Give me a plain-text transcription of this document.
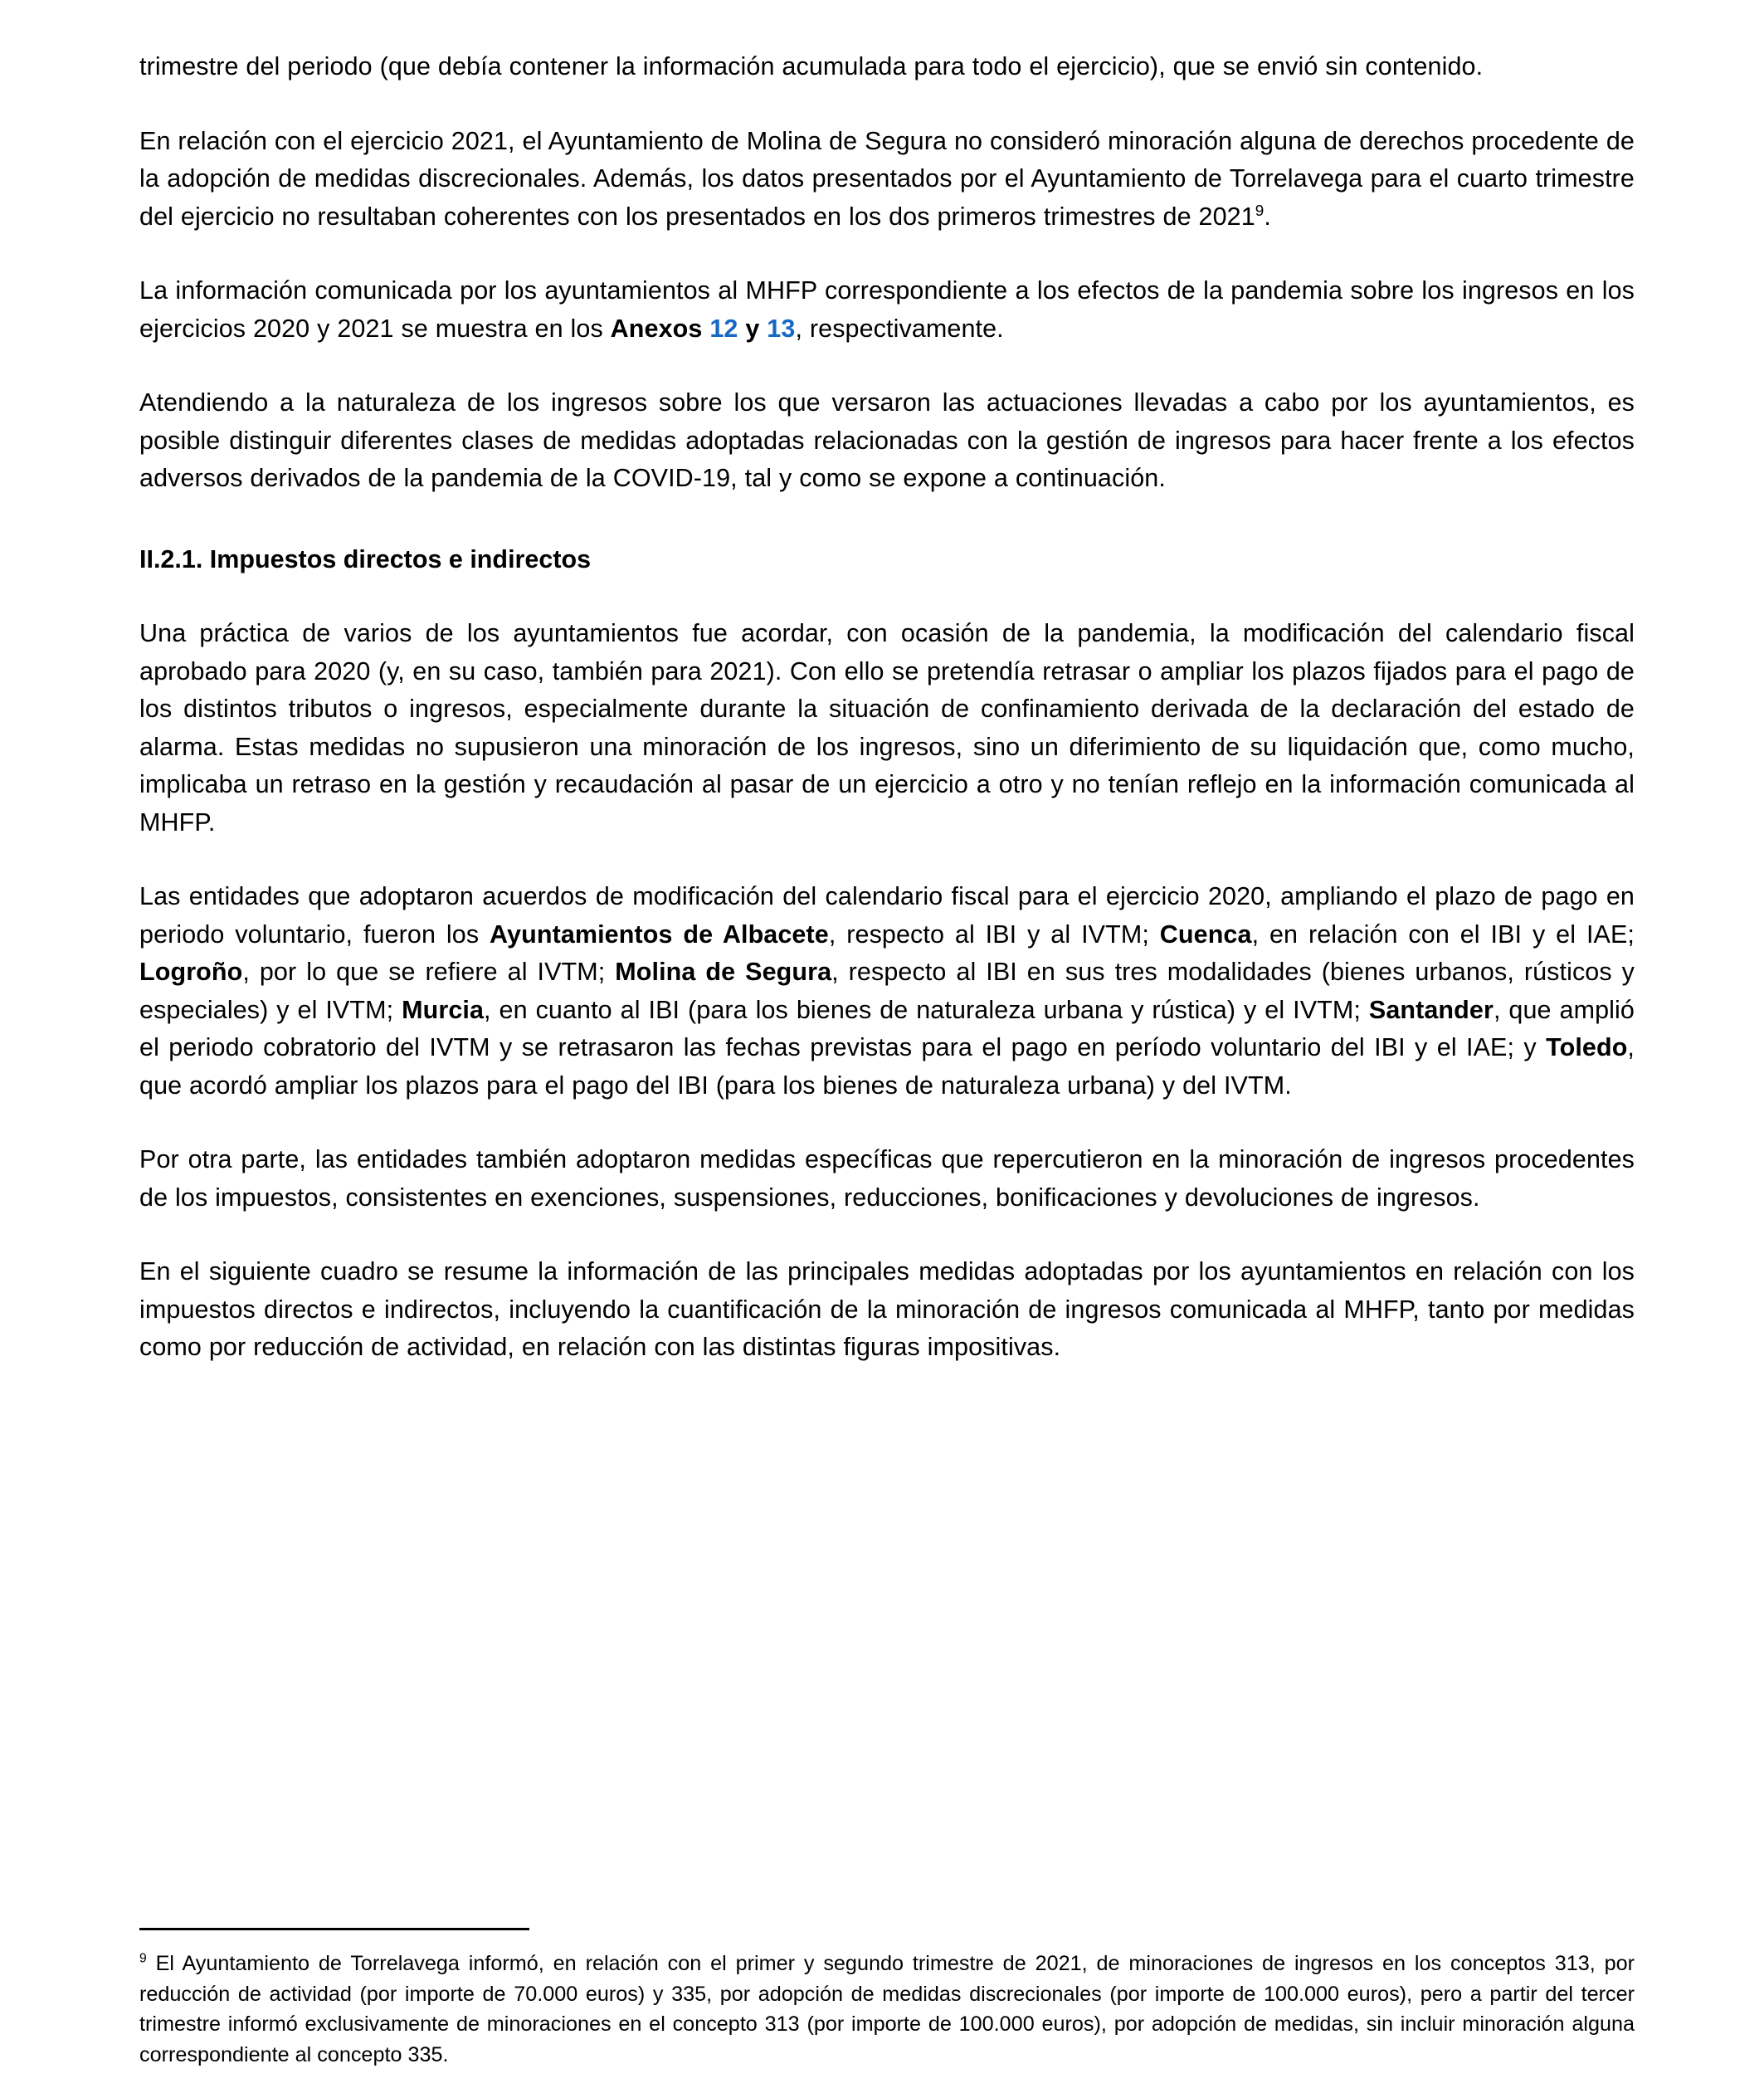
trimestre del periodo (que debía contener la información acumulada para todo el ejercicio), que se envió sin contenido.

En relación con el ejercicio 2021, el Ayuntamiento de Molina de Segura no consideró minoración alguna de derechos procedente de la adopción de medidas discrecionales. Además, los datos presentados por el Ayuntamiento de Torrelavega para el cuarto trimestre del ejercicio no resultaban coherentes con los presentados en los dos primeros trimestres de 2021$^9$.

La información comunicada por los ayuntamientos al MHFP correspondiente a los efectos de la pandemia sobre los ingresos en los ejercicios 2020 y 2021 se muestra en los Anexos 12 y 13, respectivamente.

Atendiendo a la naturaleza de los ingresos sobre los que versaron las actuaciones llevadas a cabo por los ayuntamientos, es posible distinguir diferentes clases de medidas adoptadas relacionadas con la gestión de ingresos para hacer frente a los efectos adversos derivados de la pandemia de la COVID-19, tal y como se expone a continuación.

II.2.1. Impuestos directos e indirectos

Una práctica de varios de los ayuntamientos fue acordar, con ocasión de la pandemia, la modificación del calendario fiscal aprobado para 2020 (y, en su caso, también para 2021). Con ello se pretendía retrasar o ampliar los plazos fijados para el pago de los distintos tributos o ingresos, especialmente durante la situación de confinamiento derivada de la declaración del estado de alarma. Estas medidas no supusieron una minoración de los ingresos, sino un diferimiento de su liquidación que, como mucho, implicaba un retraso en la gestión y recaudación al pasar de un ejercicio a otro y no tenían reflejo en la información comunicada al MHFP.

Las entidades que adoptaron acuerdos de modificación del calendario fiscal para el ejercicio 2020, ampliando el plazo de pago en periodo voluntario, fueron los Ayuntamientos de Albacete, respecto al IBI y al IVTM; Cuenca, en relación con el IBI y el IAE; Logroño, por lo que se refiere al IVTM; Molina de Segura, respecto al IBI en sus tres modalidades (bienes urbanos, rústicos y especiales) y el IVTM; Murcia, en cuanto al IBI (para los bienes de naturaleza urbana y rústica) y el IVTM; Santander, que amplió el periodo cobratorio del IVTM y se retrasaron las fechas previstas para el pago en período voluntario del IBI y el IAE; y Toledo, que acordó ampliar los plazos para el pago del IBI (para los bienes de naturaleza urbana) y del IVTM.

Por otra parte, las entidades también adoptaron medidas específicas que repercutieron en la minoración de ingresos procedentes de los impuestos, consistentes en exenciones, suspensiones, reducciones, bonificaciones y devoluciones de ingresos.

En el siguiente cuadro se resume la información de las principales medidas adoptadas por los ayuntamientos en relación con los impuestos directos e indirectos, incluyendo la cuantificación de la minoración de ingresos comunicada al MHFP, tanto por medidas como por reducción de actividad, en relación con las distintas figuras impositivas.

$^9$ El Ayuntamiento de Torrelavega informó, en relación con el primer y segundo trimestre de 2021, de minoraciones de ingresos en los conceptos 313, por reducción de actividad (por importe de 70.000 euros) y 335, por adopción de medidas discrecionales (por importe de 100.000 euros), pero a partir del tercer trimestre informó exclusivamente de minoraciones en el concepto 313 (por importe de 100.000 euros), por adopción de medidas, sin incluir minoración alguna correspondiente al concepto 335.
